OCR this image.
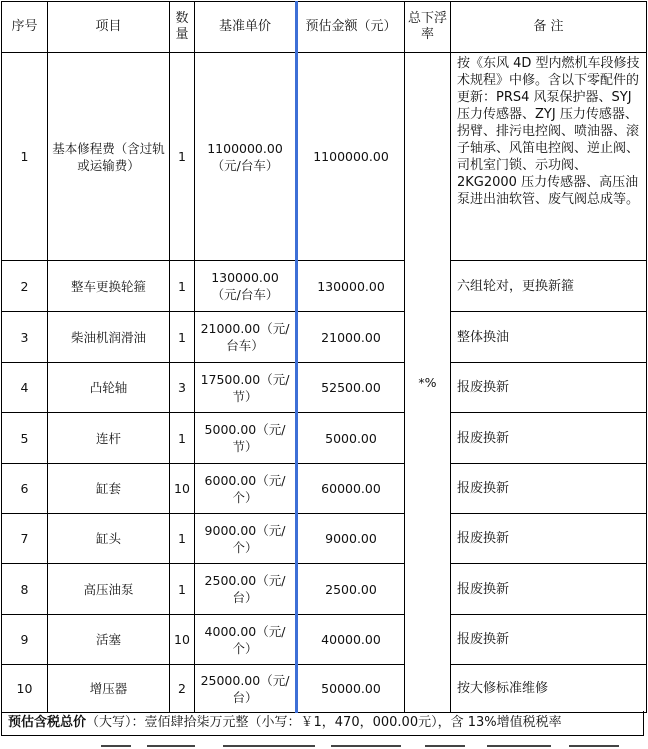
序号	项目	数量	基准单价	预估金额（元）	总下浮率	备 注
1	基本修程费（含过轨或运输费）	1	1100000.00（元/台车）	1100000.00	*%	按《东风 4D 型内燃机车段修技术规程》中修。含以下零配件的更新：PRS4 风泵保护器、SYJ 压力传感器、ZYJ 压力传感器、拐臂、排污电控阀、喷油器、滚子轴承、风笛电控阀、逆止阀、司机室门锁、示功阀、2KG2000 压力传感器、高压油泵进出油软管、废气阀总成等。
2	整车更换轮箍	1	130000.00（元/台车）	130000.00		六组轮对，更换新箍
3	柴油机润滑油	1	21000.00（元/台车）	21000.00		整体换油
4	凸轮轴	3	17500.00（元/节）	52500.00		报废换新
5	连杆	1	5000.00（元/节）	5000.00		报废换新
6	缸套	10	6000.00（元/个）	60000.00		报废换新
7	缸头	1	9000.00（元/个）	9000.00		报废换新
8	高压油泵	1	2500.00（元/台）	2500.00		报废换新
9	活塞	10	4000.00（元/个）	40000.00		报废换新
10	增压器	2	25000.00（元/台）	50000.00		按大修标准维修
预估含税总价（大写）：壹佰肆拾柒万元整（小写：￥1，470，000.00元），含 13%增值税税率
